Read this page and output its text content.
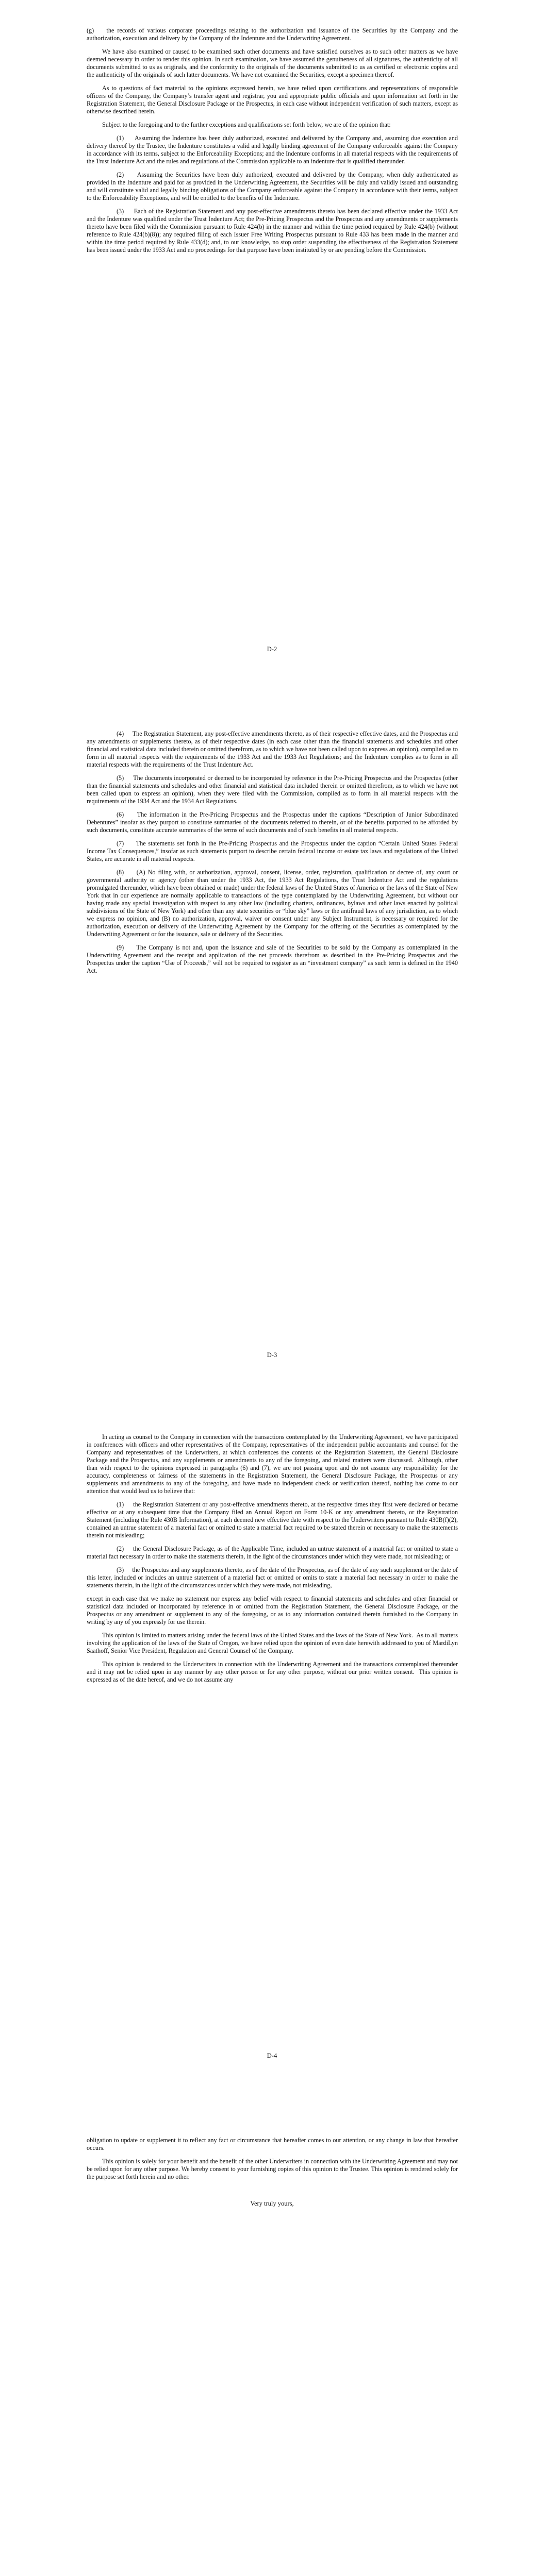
(g)    the records of various corporate proceedings relating to the authorization and issuance of the Securities by the Company and the authorization, execution and delivery by the Company of the Indenture and the Underwriting Agreement.

We have also examined or caused to be examined such other documents and have satisfied ourselves as to such other matters as we have deemed necessary in order to render this opinion. In such examination, we have assumed the genuineness of all signatures, the authenticity of all documents submitted to us as originals, and the conformity to the originals of the documents submitted to us as certified or electronic copies and the authenticity of the originals of such latter documents. We have not examined the Securities, except a specimen thereof.

As to questions of fact material to the opinions expressed herein, we have relied upon certifications and representations of responsible officers of the Company, the Company’s transfer agent and registrar, you and appropriate public officials and upon information set forth in the Registration Statement, the General Disclosure Package or the Prospectus, in each case without independent verification of such matters, except as otherwise described herein.

Subject to the foregoing and to the further exceptions and qualifications set forth below, we are of the opinion that:

(1)     Assuming the Indenture has been duly authorized, executed and delivered by the Company and, assuming due execution and delivery thereof by the Trustee, the Indenture constitutes a valid and legally binding agreement of the Company enforceable against the Company in accordance with its terms, subject to the Enforceability Exceptions; and the Indenture conforms in all material respects with the requirements of the Trust Indenture Act and the rules and regulations of the Commission applicable to an indenture that is qualified thereunder.

(2)     Assuming the Securities have been duly authorized, executed and delivered by the Company, when duly authenticated as provided in the Indenture and paid for as provided in the Underwriting Agreement, the Securities will be duly and validly issued and outstanding and will constitute valid and legally binding obligations of the Company enforceable against the Company in accordance with their terms, subject to the Enforceability Exceptions, and will be entitled to the benefits of the Indenture.

(3)     Each of the Registration Statement and any post-effective amendments thereto has been declared effective under the 1933 Act and the Indenture was qualified under the Trust Indenture Act; the Pre-Pricing Prospectus and the Prospectus and any amendments or supplements thereto have been filed with the Commission pursuant to Rule 424(b) in the manner and within the time period required by Rule 424(b) (without reference to Rule 424(b)(8)); any required filing of each Issuer Free Writing Prospectus pursuant to Rule 433 has been made in the manner and within the time period required by Rule 433(d); and, to our knowledge, no stop order suspending the effectiveness of the Registration Statement has been issued under the 1933 Act and no proceedings for that purpose have been instituted by or are pending before the Commission.

D-2

(4)     The Registration Statement, any post-effective amendments thereto, as of their respective effective dates, and the Prospectus and any amendments or supplements thereto, as of their respective dates (in each case other than the financial statements and schedules and other financial and statistical data included therein or omitted therefrom, as to which we have not been called upon to express an opinion), complied as to form in all material respects with the requirements of the 1933 Act and the 1933 Act Regulations; and the Indenture complies as to form in all material respects with the requirements of the Trust Indenture Act.

(5)     The documents incorporated or deemed to be incorporated by reference in the Pre-Pricing Prospectus and the Prospectus (other than the financial statements and schedules and other financial and statistical data included therein or omitted therefrom, as to which we have not been called upon to express an opinion), when they were filed with the Commission, complied as to form in all material respects with the requirements of the 1934 Act and the 1934 Act Regulations.

(6)     The information in the Pre-Pricing Prospectus and the Prospectus under the captions “Description of Junior Subordinated Debentures” insofar as they purport to constitute summaries of the documents referred to therein, or of the benefits purported to be afforded by such documents, constitute accurate summaries of the terms of such documents and of such benefits in all material respects.

(7)     The statements set forth in the Pre-Pricing Prospectus and the Prospectus under the caption “Certain United States Federal Income Tax Consequences,” insofar as such statements purport to describe certain federal income or estate tax laws and regulations of the United States, are accurate in all material respects.

(8)     (A) No filing with, or authorization, approval, consent, license, order, registration, qualification or decree of, any court or governmental authority or agency (other than under the 1933 Act, the 1933 Act Regulations, the Trust Indenture Act and the regulations promulgated thereunder, which have been obtained or made) under the federal laws of the United States of America or the laws of the State of New York that in our experience are normally applicable to transactions of the type contemplated by the Underwriting Agreement, but without our having made any special investigation with respect to any other law (including charters, ordinances, bylaws and other laws enacted by political subdivisions of the State of New York) and other than any state securities or “blue sky” laws or the antifraud laws of any jurisdiction, as to which we express no opinion, and (B) no authorization, approval, waiver or consent under any Subject Instrument, is necessary or required for the authorization, execution or delivery of the Underwriting Agreement by the Company for the offering of the Securities as contemplated by the Underwriting Agreement or for the issuance, sale or delivery of the Securities.

(9)     The Company is not and, upon the issuance and sale of the Securities to be sold by the Company as contemplated in the Underwriting Agreement and the receipt and application of the net proceeds therefrom as described in the Pre-Pricing Prospectus and the Prospectus under the caption “Use of Proceeds,” will not be required to register as an “investment company” as such term is defined in the 1940 Act.

D-3

In acting as counsel to the Company in connection with the transactions contemplated by the Underwriting Agreement, we have participated in conferences with officers and other representatives of the Company, representatives of the independent public accountants and counsel for the Company and representatives of the Underwriters, at which conferences the contents of the Registration Statement, the General Disclosure Package and the Prospectus, and any supplements or amendments to any of the foregoing, and related matters were discussed.  Although, other than with respect to the opinions expressed in paragraphs (6) and (7), we are not passing upon and do not assume any responsibility for the accuracy, completeness or fairness of the statements in the Registration Statement, the General Disclosure Package, the Prospectus or any supplements and amendments to any of the foregoing, and have made no independent check or verification thereof, nothing has come to our attention that would lead us to believe that:

(1)     the Registration Statement or any post-effective amendments thereto, at the respective times they first were declared or became effective or at any subsequent time that the Company filed an Annual Report on Form 10-K or any amendment thereto, or the Registration Statement (including the Rule 430B Information), at each deemed new effective date with respect to the Underwriters pursuant to Rule 430B(f)(2), contained an untrue statement of a material fact or omitted to state a material fact required to be stated therein or necessary to make the statements therein not misleading;

(2)     the General Disclosure Package, as of the Applicable Time, included an untrue statement of a material fact or omitted to state a material fact necessary in order to make the statements therein, in the light of the circumstances under which they were made, not misleading; or

(3)     the Prospectus and any supplements thereto, as of the date of the Prospectus, as of the date of any such supplement or the date of this letter, included or includes an untrue statement of a material fact or omitted or omits to state a material fact necessary in order to make the statements therein, in the light of the circumstances under which they were made, not misleading,

except in each case that we make no statement nor express any belief with respect to financial statements and schedules and other financial or statistical data included or incorporated by reference in or omitted from the Registration Statement, the General Disclosure Package, or the Prospectus or any amendment or supplement to any of the foregoing, or as to any information contained therein furnished to the Company in writing by any of you expressly for use therein.

This opinion is limited to matters arising under the federal laws of the United States and the laws of the State of New York.  As to all matters involving the application of the laws of the State of Oregon, we have relied upon the opinion of even date herewith addressed to you of MardiLyn Saathoff, Senior Vice President, Regulation and General Counsel of the Company.

This opinion is rendered to the Underwriters in connection with the Underwriting Agreement and the transactions contemplated thereunder and it may not be relied upon in any manner by any other person or for any other purpose, without our prior written consent.  This opinion is expressed as of the date hereof, and we do not assume any

D-4

obligation to update or supplement it to reflect any fact or circumstance that hereafter comes to our attention, or any change in law that hereafter occurs.

This opinion is solely for your benefit and the benefit of the other Underwriters in connection with the Underwriting Agreement and may not be relied upon for any other purpose. We hereby consent to your furnishing copies of this opinion to the Trustee. This opinion is rendered solely for the purpose set forth herein and no other.

Very truly yours,
